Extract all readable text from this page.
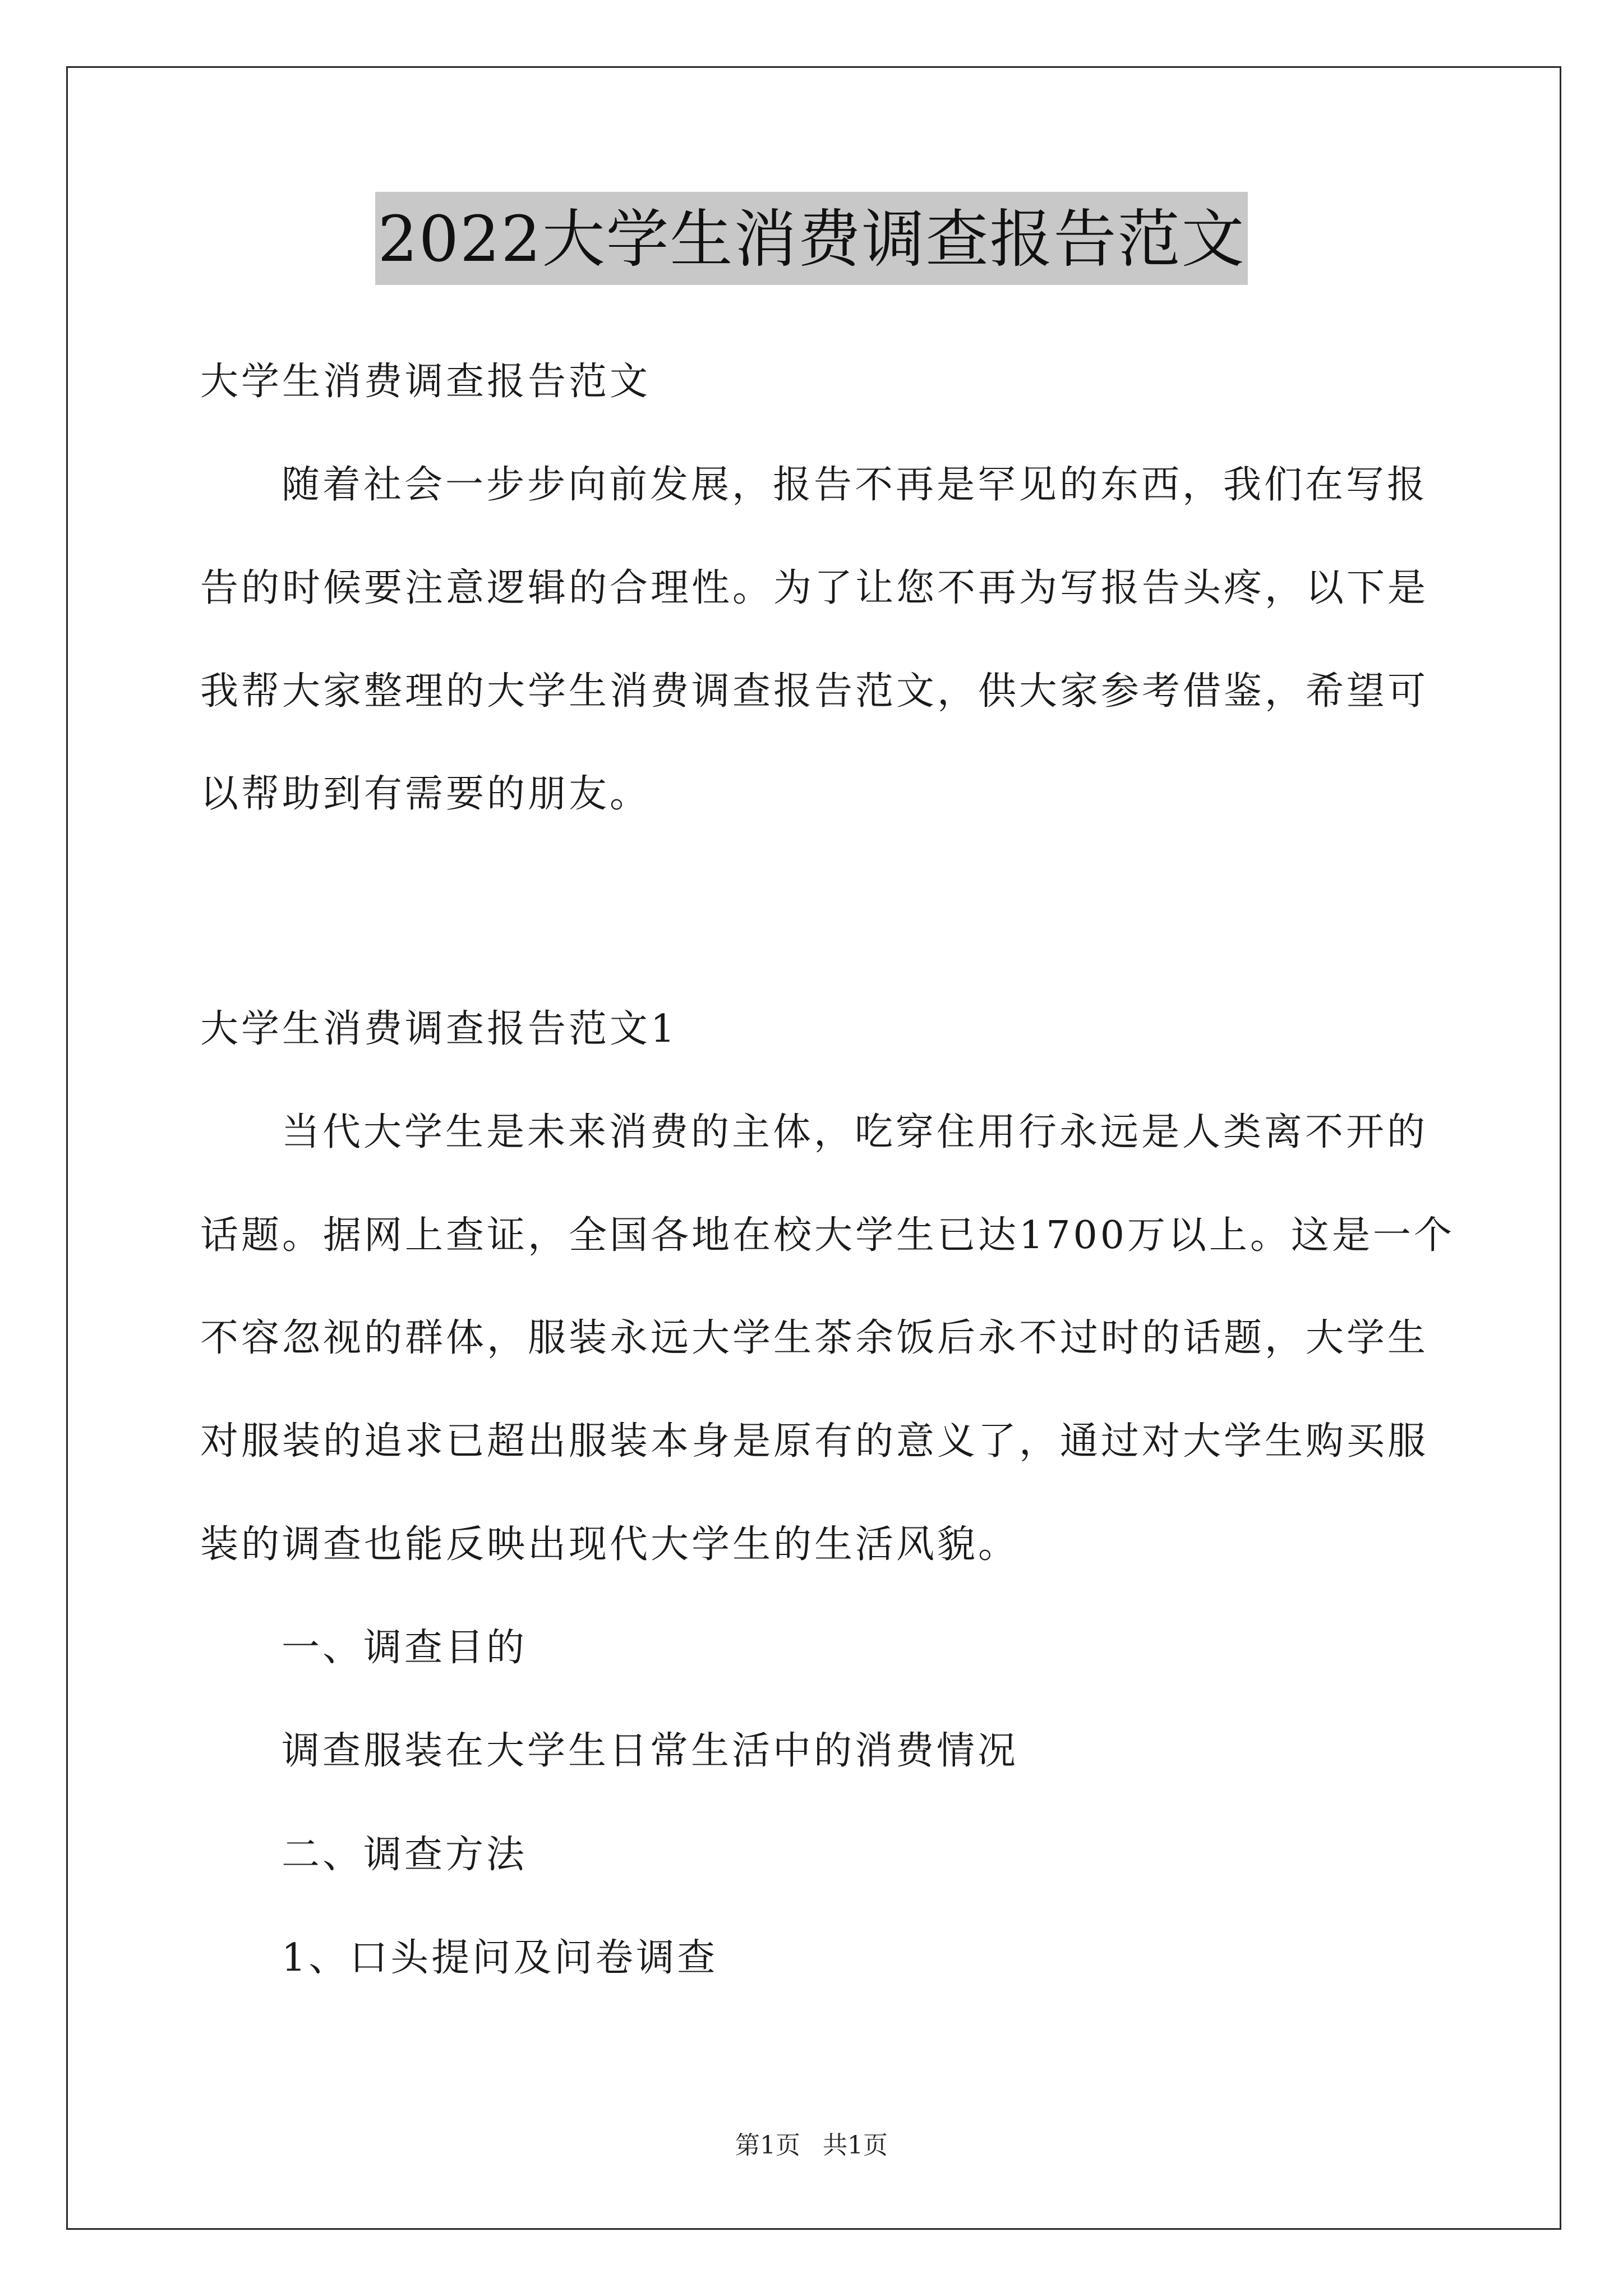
2022大学生消费调查报告范文
大学生消费调查报告范文
随着社会一步步向前发展，报告不再是罕见的东西，我们在写报
告的时候要注意逻辑的合理性。为了让您不再为写报告头疼，以下是
我帮大家整理的大学生消费调查报告范文，供大家参考借鉴，希望可
以帮助到有需要的朋友。
大学生消费调查报告范文1
当代大学生是未来消费的主体，吃穿住用行永远是人类离不开的
话题。据网上查证，全国各地在校大学生已达1700万以上。这是一个
不容忽视的群体，服装永远大学生茶余饭后永不过时的话题，大学生
对服装的追求已超出服装本身是原有的意义了，通过对大学生购买服
装的调查也能反映出现代大学生的生活风貌。
一、调查目的
调查服装在大学生日常生活中的消费情况
二、调查方法
1、口头提问及问卷调查
第1页 共1页
